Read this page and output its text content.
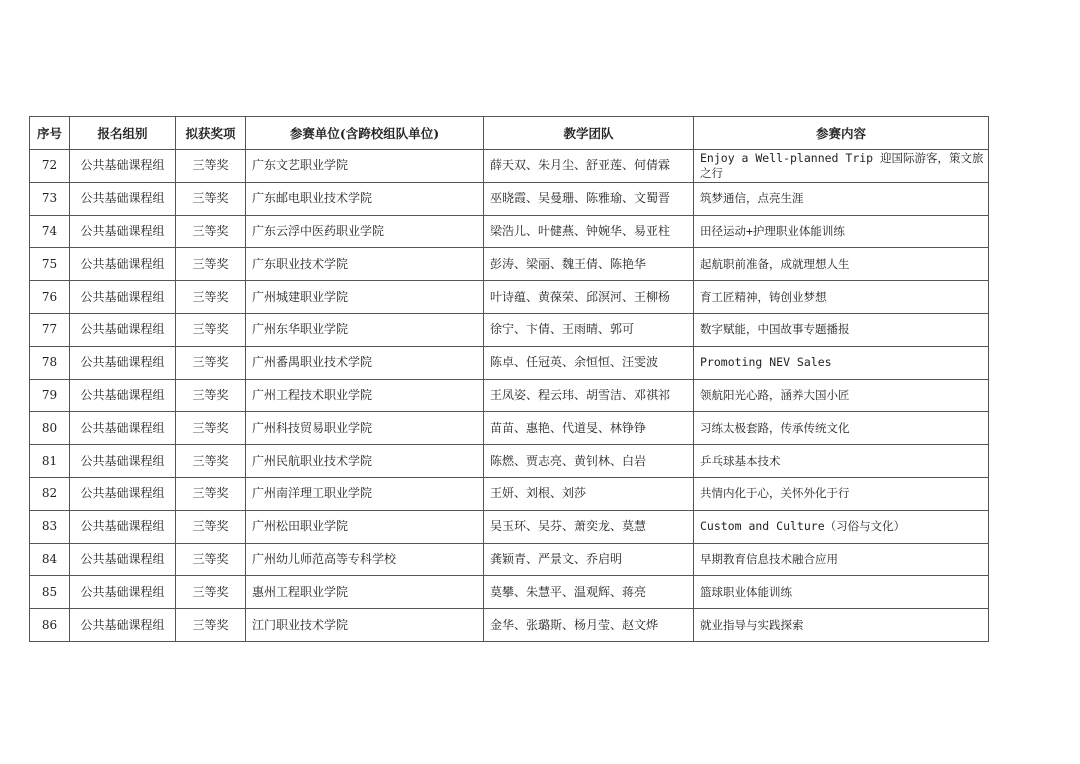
序号	报名组别	拟获奖项	参赛单位(含跨校组队单位)	教学团队	参赛内容
72	公共基础课程组	三等奖	广东文艺职业学院	薛天双、朱月尘、舒亚莲、何倩霖	Enjoy a Well-planned Trip 迎国际游客，策文旅之行
73	公共基础课程组	三等奖	广东邮电职业技术学院	巫晓霞、吴曼珊、陈雅瑜、文蜀晋	筑梦通信，点亮生涯
74	公共基础课程组	三等奖	广东云浮中医药职业学院	梁浩儿、叶健燕、钟婉华、易亚柱	田径运动+护理职业体能训练
75	公共基础课程组	三等奖	广东职业技术学院	彭涛、梁丽、魏王倩、陈艳华	起航职前准备，成就理想人生
76	公共基础课程组	三等奖	广州城建职业学院	叶诗蕴、黄葆荣、邱溟河、王柳杨	育工匠精神，铸创业梦想
77	公共基础课程组	三等奖	广州东华职业学院	徐宁、卞倩、王雨晴、郭可	数字赋能，中国故事专题播报
78	公共基础课程组	三等奖	广州番禺职业技术学院	陈卓、任冠英、余恒恒、汪雯波	Promoting NEV Sales
79	公共基础课程组	三等奖	广州工程技术职业学院	王凤姿、程云玮、胡雪洁、邓祺祁	领航阳光心路，涵养大国小匠
80	公共基础课程组	三等奖	广州科技贸易职业学院	苗苗、惠艳、代道旻、林铮铮	习练太极套路，传承传统文化
81	公共基础课程组	三等奖	广州民航职业技术学院	陈燃、贾志亮、黄钊林、白岩	乒乓球基本技术
82	公共基础课程组	三等奖	广州南洋理工职业学院	王妍、刘根、刘莎	共情内化于心，关怀外化于行
83	公共基础课程组	三等奖	广州松田职业学院	吴玉环、吴芬、萧奕龙、莫慧	Custom and Culture（习俗与文化）
84	公共基础课程组	三等奖	广州幼儿师范高等专科学校	龚颖青、严景文、乔启明	早期教育信息技术融合应用
85	公共基础课程组	三等奖	惠州工程职业学院	莫攀、朱慧平、温观辉、蒋亮	篮球职业体能训练
86	公共基础课程组	三等奖	江门职业技术学院	金华、张璐斯、杨月莹、赵文烨	就业指导与实践探索
